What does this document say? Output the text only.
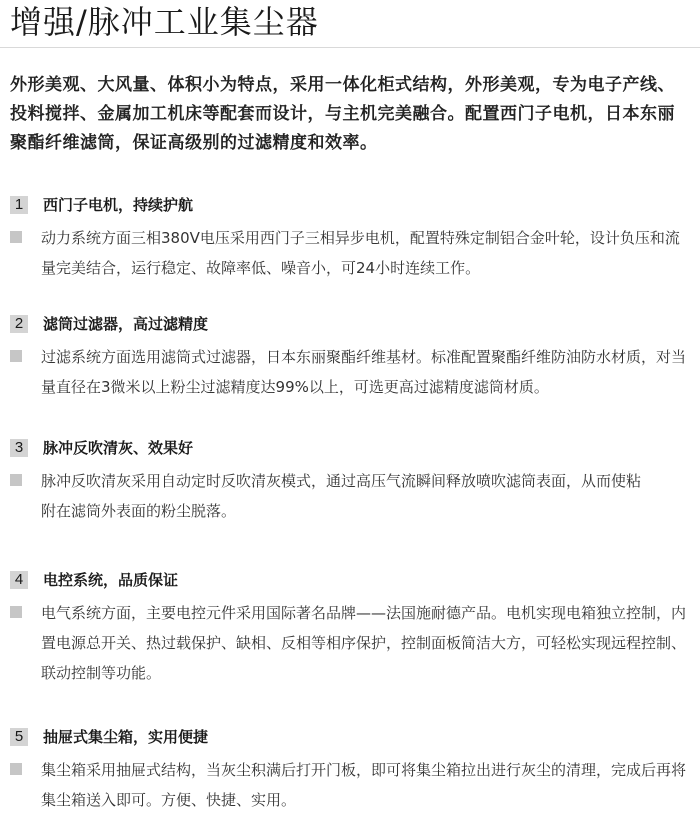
增强/脉冲工业集尘器

外形美观、大风量、体积小为特点，采用一体化柜式结构，外形美观，专为电子产线、投料搅拌、金属加工机床等配套而设计，与主机完美融合。配置西门子电机，日本东丽聚酯纤维滤筒，保证高级别的过滤精度和效率。

1	西门子电机，持续护航
动力系统方面三相380V电压采用西门子三相异步电机，配置特殊定制铝合金叶轮，设计负压和流量完美结合，运行稳定、故障率低、噪音小，可24小时连续工作。
2	滤筒过滤器，高过滤精度
过滤系统方面选用滤筒式过滤器，日本东丽聚酯纤维基材。标准配置聚酯纤维防油防水材质，对当量直径在3微米以上粉尘过滤精度达99%以上，可选更高过滤精度滤筒材质。
3	脉冲反吹清灰、效果好
脉冲反吹清灰采用自动定时反吹清灰模式，通过高压气流瞬间释放喷吹滤筒表面，从而使粘附在滤筒外表面的粉尘脱落。
4	电控系统，品质保证
电气系统方面，主要电控元件采用国际著名品牌——法国施耐德产品。电机实现电箱独立控制，内置电源总开关、热过载保护、缺相、反相等相序保护，控制面板简洁大方，可轻松实现远程控制、联动控制等功能。
5	抽屉式集尘箱，实用便捷
集尘箱采用抽屉式结构，当灰尘积满后打开门板，即可将集尘箱拉出进行灰尘的清理，完成后再将集尘箱送入即可。方便、快捷、实用。
